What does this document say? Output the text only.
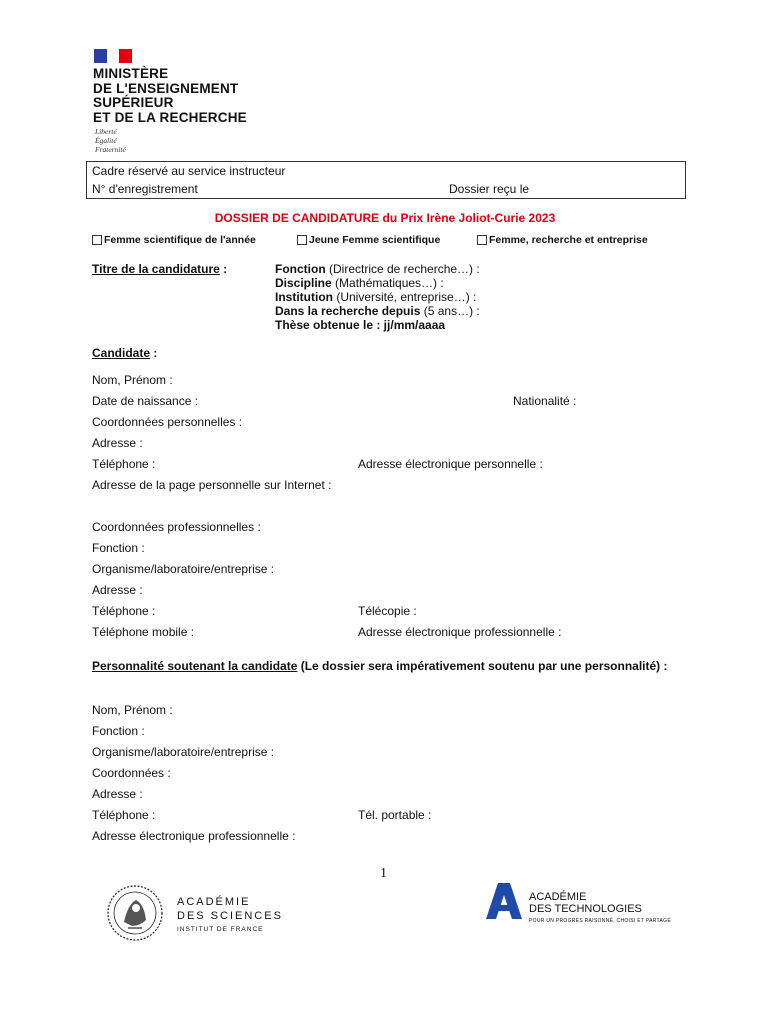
MINISTÈRE
DE L'ENSEIGNEMENT
SUPÉRIEUR
ET DE LA RECHERCHE
Liberté
Égalité
Fraternité
Cadre réservé au service instructeur
N° d'enregistrement	Dossier reçu le
DOSSIER DE CANDIDATURE du Prix Irène Joliot-Curie 2023
Femme scientifique de l'année	Jeune Femme scientifique	Femme, recherche et entreprise
Titre de la candidature :	Fonction (Directrice de recherche…) :
Discipline (Mathématiques…) :
Institution (Université, entreprise…) :
Dans la recherche depuis (5 ans…) :
Thèse obtenue le : jj/mm/aaaa
Candidate :
Nom, Prénom :
Date de naissance :	Nationalité :
Coordonnées personnelles :
Adresse :
Téléphone :	Adresse électronique personnelle :
Adresse de la page personnelle sur Internet :
Coordonnées professionnelles :
Fonction :
Organisme/laboratoire/entreprise :
Adresse :
Téléphone :	Télécopie :
Téléphone mobile :	Adresse électronique professionnelle :
Personnalité soutenant la candidate (Le dossier sera impérativement soutenu par une personnalité) :
Nom, Prénom :
Fonction :
Organisme/laboratoire/entreprise :
Coordonnées :
Adresse :
Téléphone :	Tél. portable :
Adresse électronique professionnelle :
1
ACADÉMIE
DES SCIENCES
INSTITUT DE FRANCE
ACADÉMIE
DES TECHNOLOGIES
POUR UN PROGRÈS RAISONNÉ, CHOISI ET PARTAGÉ
